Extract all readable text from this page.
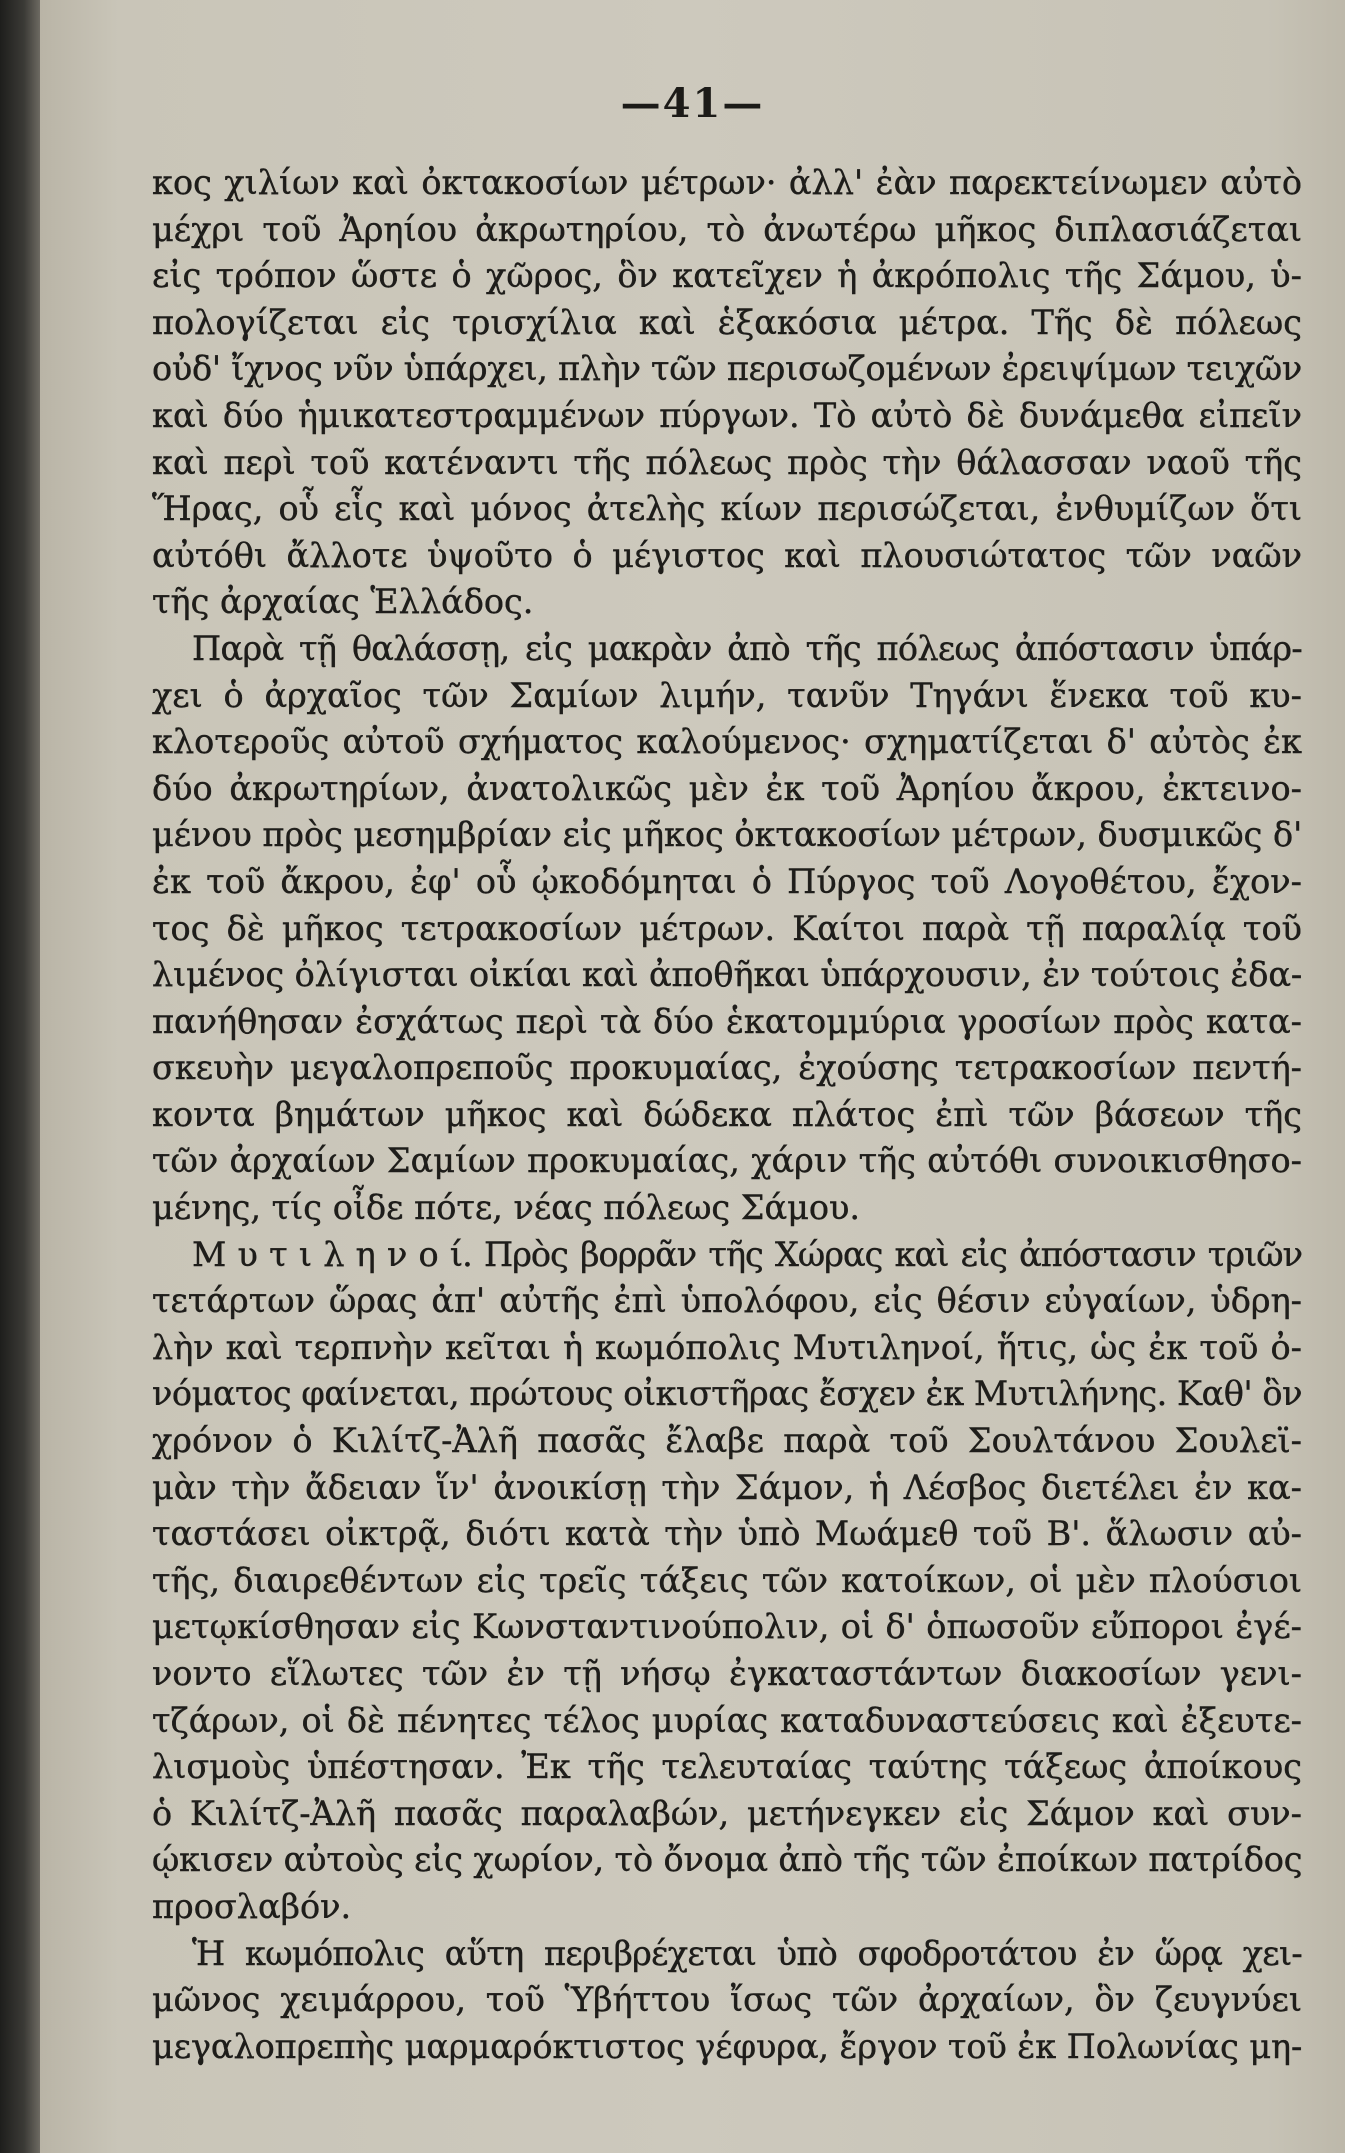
—41—
κος χιλίων καὶ ὀκτακοσίων μέτρων· ἀλλ' ἐὰν παρεκτείνωμεν αὐτὸ
μέχρι τοῦ Ἀρηίου ἀκρωτηρίου, τὸ ἀνωτέρω μῆκος διπλασιάζεται
εἰς τρόπον ὥστε ὁ χῶρος, ὃν κατεῖχεν ἡ ἀκρόπολις τῆς Σάμου, ὑ-
πολογίζεται εἰς τρισχίλια καὶ ἑξακόσια μέτρα. Τῆς δὲ πόλεως
οὐδ' ἴχνος νῦν ὑπάρχει, πλὴν τῶν περισωζομένων ἐρειψίμων τειχῶν
καὶ δύο ἡμικατεστραμμένων πύργων. Τὸ αὐτὸ δὲ δυνάμεθα εἰπεῖν
καὶ περὶ τοῦ κατέναντι τῆς πόλεως πρὸς τὴν θάλασσαν ναοῦ τῆς
Ἥρας, οὗ εἷς καὶ μόνος ἀτελὴς κίων περισώζεται, ἐνθυμίζων ὅτι
αὐτόθι ἄλλοτε ὑψοῦτο ὁ μέγιστος καὶ πλουσιώτατος τῶν ναῶν
τῆς ἀρχαίας Ἑλλάδος.
Παρὰ τῇ θαλάσσῃ, εἰς μακρὰν ἀπὸ τῆς πόλεως ἀπόστασιν ὑπάρ-
χει ὁ ἀρχαῖος τῶν Σαμίων λιμήν, τανῦν Τηγάνι ἕνεκα τοῦ κυ-
κλοτεροῦς αὐτοῦ σχήματος καλούμενος· σχηματίζεται δ' αὐτὸς ἐκ
δύο ἀκρωτηρίων, ἀνατολικῶς μὲν ἐκ τοῦ Ἀρηίου ἄκρου, ἐκτεινο-
μένου πρὸς μεσημβρίαν εἰς μῆκος ὀκτακοσίων μέτρων, δυσμικῶς δ'
ἐκ τοῦ ἄκρου, ἐφ' οὗ ᾠκοδόμηται ὁ Πύργος τοῦ Λογοθέτου, ἔχον-
τος δὲ μῆκος τετρακοσίων μέτρων. Καίτοι παρὰ τῇ παραλίᾳ τοῦ
λιμένος ὀλίγισται οἰκίαι καὶ ἀποθῆκαι ὑπάρχουσιν, ἐν τούτοις ἐδα-
πανήθησαν ἐσχάτως περὶ τὰ δύο ἑκατομμύρια γροσίων πρὸς κατα-
σκευὴν μεγαλοπρεποῦς προκυμαίας, ἐχούσης τετρακοσίων πεντή-
κοντα βημάτων μῆκος καὶ δώδεκα πλάτος ἐπὶ τῶν βάσεων τῆς
τῶν ἀρχαίων Σαμίων προκυμαίας, χάριν τῆς αὐτόθι συνοικισθησο-
μένης, τίς οἶδε πότε, νέας πόλεως Σάμου.
Μ υ τ ι λ η ν ο ί. Πρὸς βορρᾶν τῆς Χώρας καὶ εἰς ἀπόστασιν τριῶν
τετάρτων ὥρας ἀπ' αὐτῆς ἐπὶ ὑπολόφου, εἰς θέσιν εὐγαίων, ὑδρη-
λὴν καὶ τερπνὴν κεῖται ἡ κωμόπολις Μυτιληνοί, ἥτις, ὡς ἐκ τοῦ ὀ-
νόματος φαίνεται, πρώτους οἰκιστῆρας ἔσχεν ἐκ Μυτιλήνης. Καθ' ὃν
χρόνον ὁ Κιλίτζ-Ἀλῆ πασᾶς ἔλαβε παρὰ τοῦ Σουλτάνου Σουλεϊ-
μὰν τὴν ἄδειαν ἵν' ἀνοικίσῃ τὴν Σάμον, ἡ Λέσβος διετέλει ἐν κα-
ταστάσει οἰκτρᾷ, διότι κατὰ τὴν ὑπὸ Μωάμεθ τοῦ Β'. ἅλωσιν αὐ-
τῆς, διαιρεθέντων εἰς τρεῖς τάξεις τῶν κατοίκων, οἱ μὲν πλούσιοι
μετῳκίσθησαν εἰς Κωνσταντινούπολιν, οἱ δ' ὁπωσοῦν εὔποροι ἐγέ-
νοντο εἵλωτες τῶν ἐν τῇ νήσῳ ἐγκαταστάντων διακοσίων γενι-
τζάρων, οἱ δὲ πένητες τέλος μυρίας καταδυναστεύσεις καὶ ἐξευτε-
λισμοὺς ὑπέστησαν. Ἐκ τῆς τελευταίας ταύτης τάξεως ἀποίκους
ὁ Κιλίτζ-Ἀλῆ πασᾶς παραλαβών, μετήνεγκεν εἰς Σάμον καὶ συν-
ῴκισεν αὐτοὺς εἰς χωρίον, τὸ ὄνομα ἀπὸ τῆς τῶν ἐποίκων πατρίδος
προσλαβόν.
Ἡ κωμόπολις αὕτη περιβρέχεται ὑπὸ σφοδροτάτου ἐν ὥρᾳ χει-
μῶνος χειμάρρου, τοῦ Ὑβήττου ἴσως τῶν ἀρχαίων, ὃν ζευγνύει
μεγαλοπρεπὴς μαρμαρόκτιστος γέφυρα, ἔργον τοῦ ἐκ Πολωνίας μη-
